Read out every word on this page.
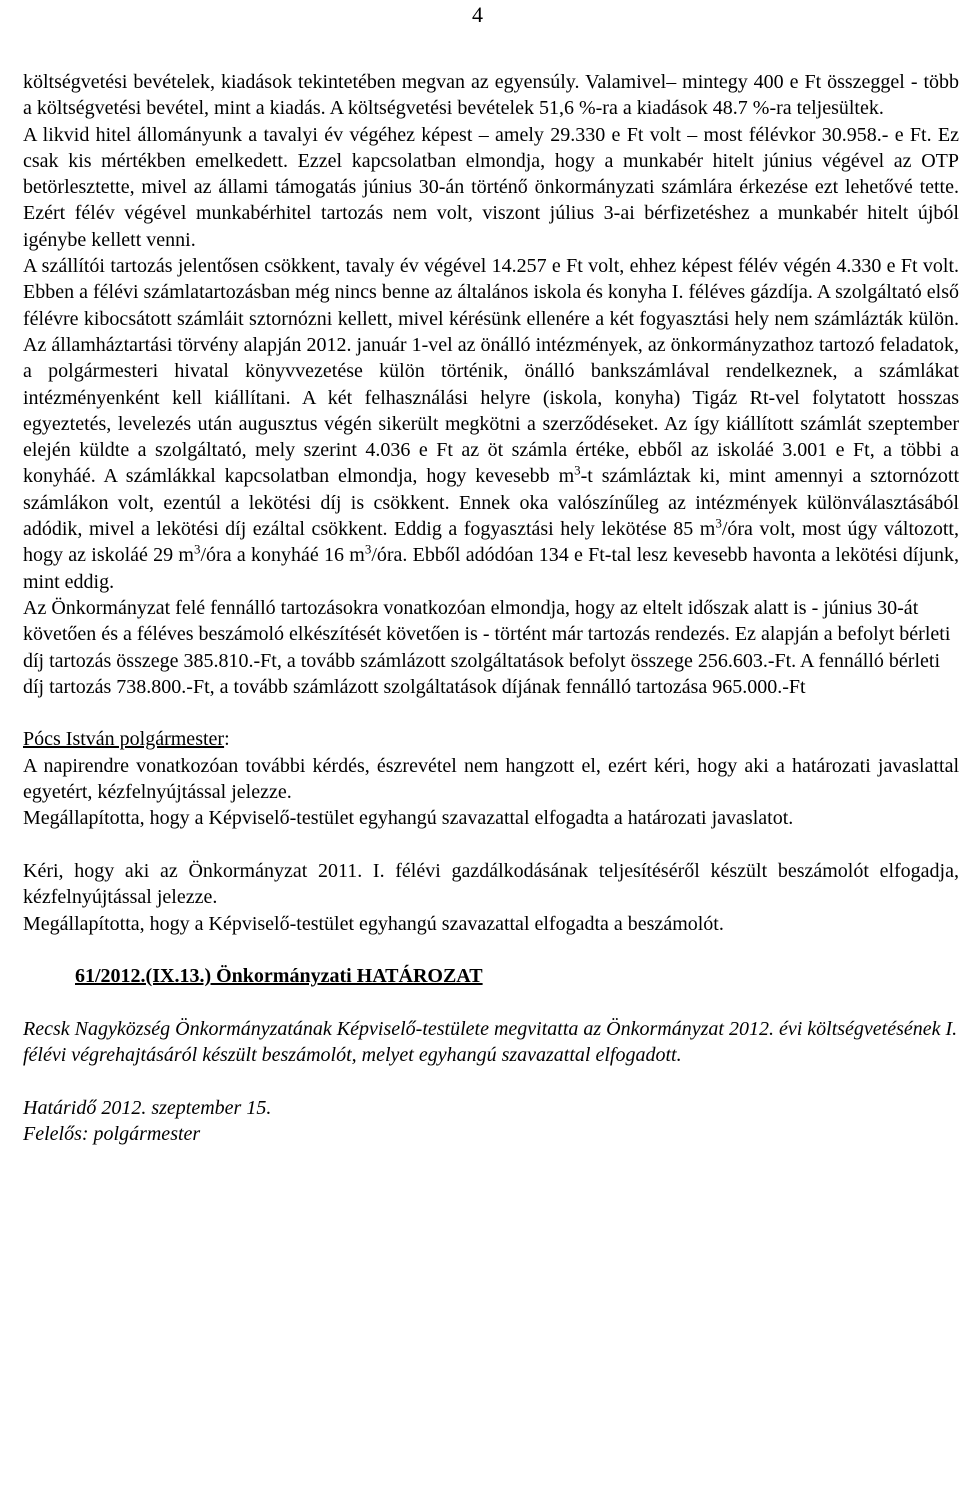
4

költségvetési bevételek, kiadások tekintetében megvan az egyensúly. Valamivel– mintegy 400 e Ft összeggel - több a költségvetési bevétel, mint a kiadás. A költségvetési bevételek 51,6 %-ra a kiadások 48.7 %-ra teljesültek.

A likvid hitel állományunk a tavalyi év végéhez képest – amely 29.330 e Ft volt – most félévkor 30.958.- e Ft. Ez csak kis mértékben emelkedett. Ezzel kapcsolatban elmondja, hogy a munkabér hitelt június végével az OTP betörlesztette, mivel az állami támogatás június 30-án történő önkormányzati számlára érkezése ezt lehetővé tette. Ezért félév végével munkabérhitel tartozás nem volt, viszont július 3-ai bérfizetéshez a munkabér hitelt újból igénybe kellett venni.

A szállítói tartozás jelentősen csökkent, tavaly év végével 14.257 e Ft volt, ehhez képest félév végén 4.330 e Ft volt. Ebben a félévi számlatartozásban még nincs benne az általános iskola és konyha I. féléves gázdíja. A szolgáltató első félévre kibocsátott számláit sztornózni kellett, mivel kérésünk ellenére a két fogyasztási hely nem számlázták külön. Az államháztartási törvény alapján 2012. január 1-vel az önálló intézmények, az önkormányzathoz tartozó feladatok, a polgármesteri hivatal könyvvezetése külön történik, önálló bankszámlával rendelkeznek, a számlákat intézményenként kell kiállítani. A két felhasználási helyre (iskola, konyha) Tigáz Rt-vel folytatott hosszas egyeztetés, levelezés után augusztus végén sikerült megkötni a szerződéseket. Az így kiállított számlát szeptember elején küldte a szolgáltató, mely szerint 4.036 e Ft az öt számla értéke, ebből az iskoláé 3.001 e Ft, a többi a konyháé. A számlákkal kapcsolatban elmondja, hogy kevesebb $m^3-t$ számláztak ki, mint amennyi a sztornózott számlákon volt, ezentúl a lekötési díj is csökkent. Ennek oka valószínűleg az intézmények különválasztásából adódik, mivel a lekötési díj ezáltal csökkent. Eddig a fogyasztási hely lekötése 85 $m^3$/óra volt, most úgy változott, hogy az iskoláé 29 $m^3$/óra a konyháé 16 $m^3$/óra. Ebből adódóan 134 e Ft-tal lesz kevesebb havonta a lekötési díjunk, mint eddig.

Az Önkormányzat felé fennálló tartozásokra vonatkozóan elmondja, hogy az eltelt időszak alatt is - június 30-át követően és a féléves beszámoló elkészítését követően is - történt már tartozás rendezés. Ez alapján a befolyt bérleti díj tartozás összege 385.810.-Ft, a tovább számlázott szolgáltatások befolyt összege 256.603.-Ft. A fennálló bérleti díj tartozás 738.800.-Ft, a tovább számlázott szolgáltatások díjának fennálló tartozása 965.000.-Ft

Pócs István polgármester:

A napirendre vonatkozóan további kérdés, észrevétel nem hangzott el, ezért kéri, hogy aki a határozati javaslattal egyetért, kézfelnyújtással jelezze.

Megállapította, hogy a Képviselő-testület egyhangú szavazattal elfogadta a határozati javaslatot.

Kéri, hogy aki az Önkormányzat 2011. I. félévi gazdálkodásának teljesítéséről készült beszámolót elfogadja, kézfelnyújtással jelezze.

Megállapította, hogy a Képviselő-testület egyhangú szavazattal elfogadta a beszámolót.

61/2012.(IX.13.) Önkormányzati HATÁROZAT

Recsk Nagyközség Önkormányzatának Képviselő-testülete megvitatta az Önkormányzat 2012. évi költségvetésének I. félévi végrehajtásáról készült beszámolót, melyet egyhangú szavazattal elfogadott.

Határidő 2012. szeptember 15.

Felelős: polgármester
